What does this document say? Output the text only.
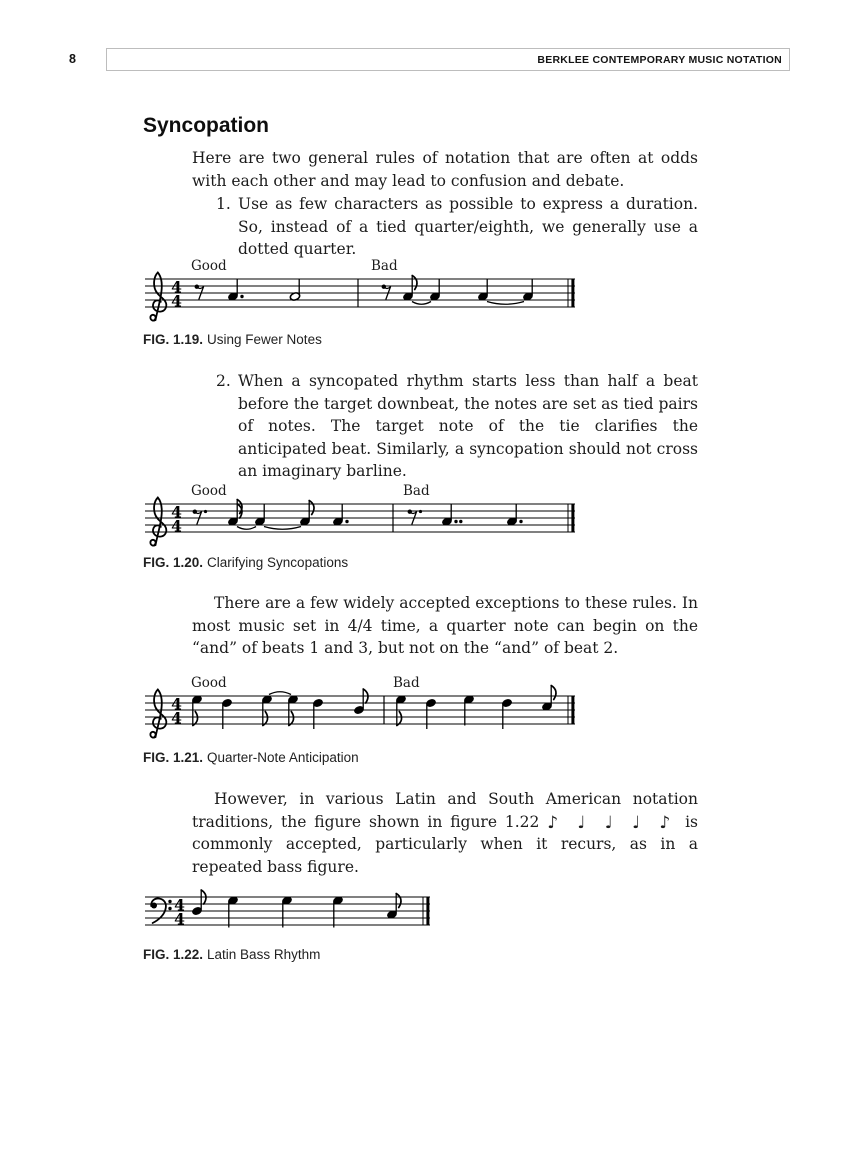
8	BERKLEE CONTEMPORARY MUSIC NOTATION
Syncopation

Here are two general rules of notation that are often at odds with each other and may lead to confusion and debate.

1. Use as few characters as possible to express a duration. So, instead of a tied quarter/eighth, we generally use a dotted quarter.
2. When a syncopated rhythm starts less than half a beat before the target downbeat, the notes are set as tied pairs of notes. The target note of the tie clarifies the anticipated beat. Similarly, a syncopation should not cross an imaginary barline.
Good	Bad
4
4
FIG. 1.19. Using Fewer Notes
Good	Bad
4
4
FIG. 1.20. Clarifying Syncopations

There are a few widely accepted exceptions to these rules. In most music set in 4/4 time, a quarter note can begin on the “and” of beats 1 and 3, but not on the “and” of beat 2.

Good	Bad
4
4
FIG. 1.21. Quarter-Note Anticipation

However, in various Latin and South American notation traditions, the figure shown in figure 1.22 ♪ ♩ ♩ ♩ ♪ is commonly accepted, particularly when it recurs, as in a repeated bass figure.

4
4
FIG. 1.22. Latin Bass Rhythm
